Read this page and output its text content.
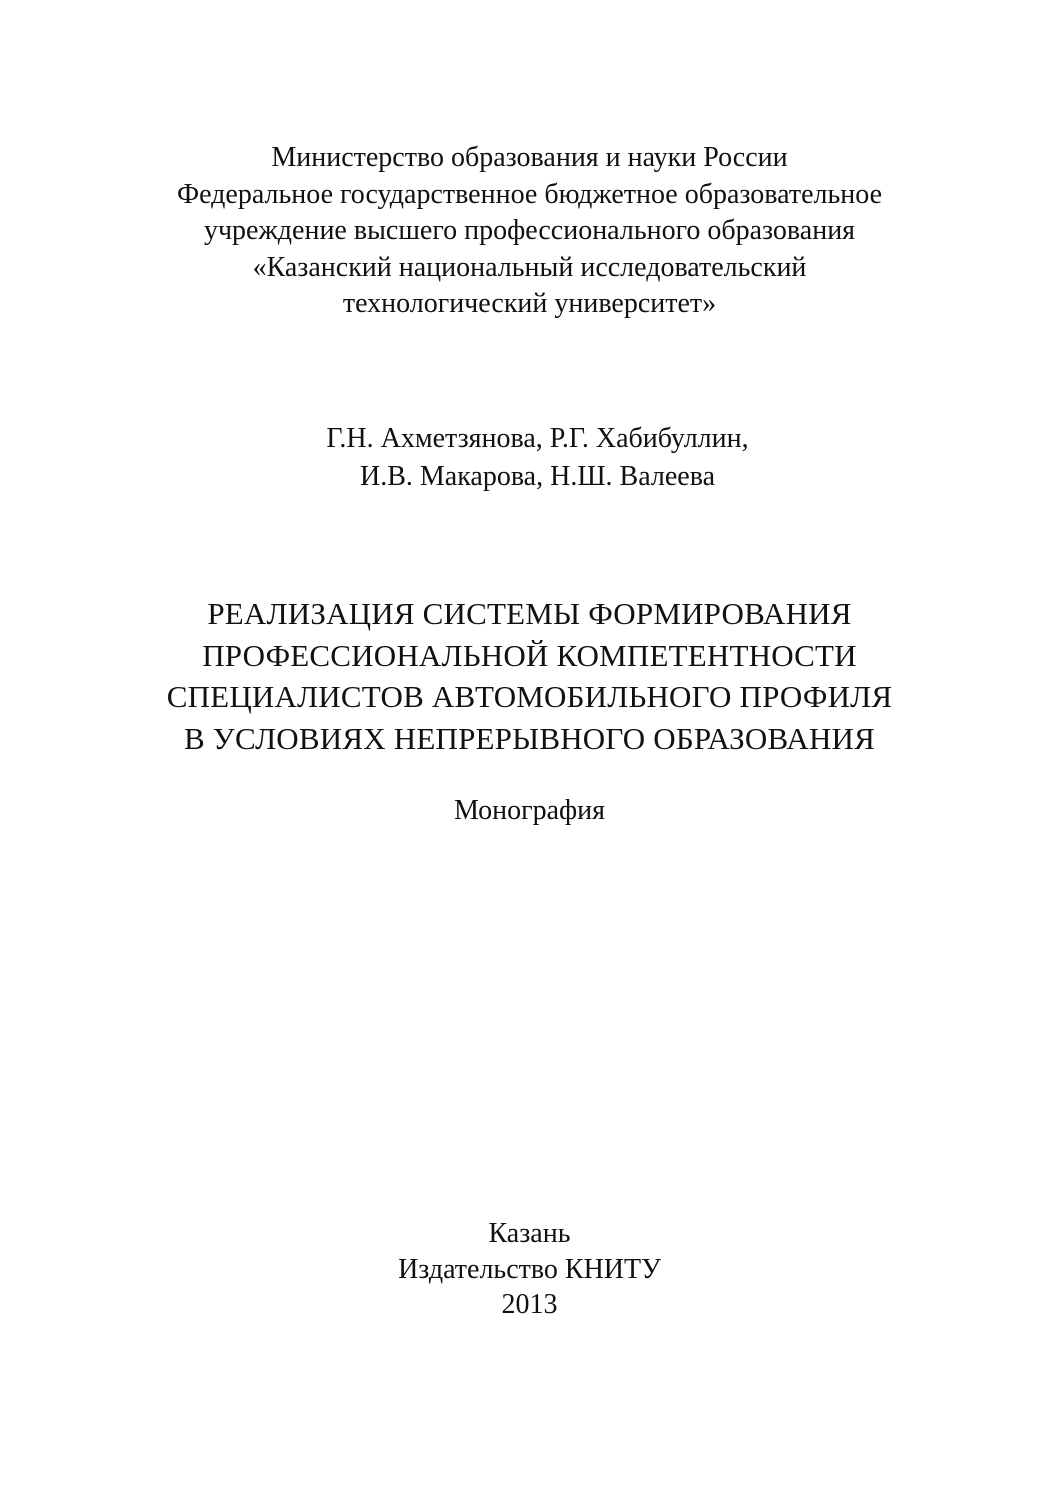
Министерство образования и науки России
Федеральное государственное бюджетное образовательное
учреждение высшего профессионального образования
«Казанский национальный исследовательский
технологический университет»
Г.Н. Ахметзянова, Р.Г. Хабибуллин,
И.В. Макарова, Н.Ш. Валеева
РЕАЛИЗАЦИЯ СИСТЕМЫ ФОРМИРОВАНИЯ
ПРОФЕССИОНАЛЬНОЙ КОМПЕТЕНТНОСТИ
СПЕЦИАЛИСТОВ АВТОМОБИЛЬНОГО ПРОФИЛЯ
В УСЛОВИЯХ НЕПРЕРЫВНОГО ОБРАЗОВАНИЯ
Монография
Казань
Издательство КНИТУ
2013
